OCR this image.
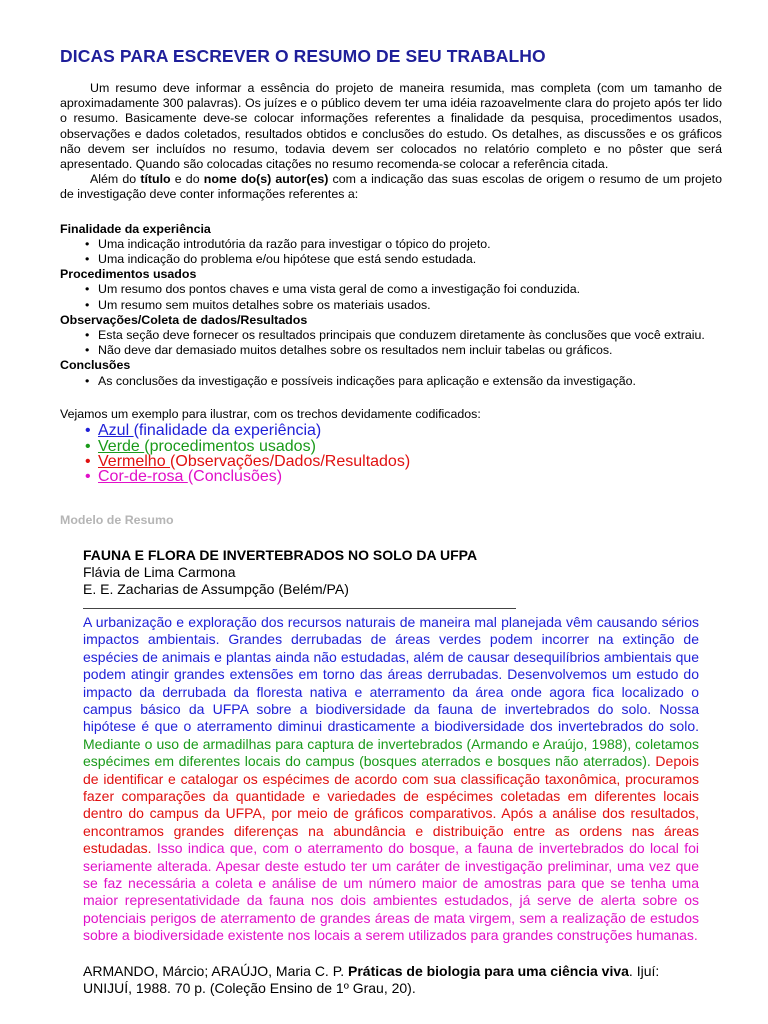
DICAS PARA ESCREVER O RESUMO DE SEU TRABALHO

Um resumo deve informar a essência do projeto de maneira resumida, mas completa (com um tamanho de aproximadamente 300 palavras). Os juízes e o público devem ter uma idéia razoavelmente clara do projeto após ter lido o resumo. Basicamente deve-se colocar informações referentes a finalidade da pesquisa, procedimentos usados, observações e dados coletados, resultados obtidos e conclusões do estudo. Os detalhes, as discussões e os gráficos não devem ser incluídos no resumo, todavia devem ser colocados no relatório completo e no pôster que será apresentado. Quando são colocadas citações no resumo recomenda-se colocar a referência citada.

Além do título e do nome do(s) autor(es) com a indicação das suas escolas de origem o resumo de um projeto de investigação deve conter informações referentes a:

Finalidade da experiência

• Uma indicação introdutória da razão para investigar o tópico do projeto.
• Uma indicação do problema e/ou hipótese que está sendo estudada.

Procedimentos usados

• Um resumo dos pontos chaves e uma vista geral de como a investigação foi conduzida.
• Um resumo sem muitos detalhes sobre os materiais usados.

Observações/Coleta de dados/Resultados

• Esta seção deve fornecer os resultados principais que conduzem diretamente às conclusões que você extraiu.
• Não deve dar demasiado muitos detalhes sobre os resultados nem incluir tabelas ou gráficos.

Conclusões

• As conclusões da investigação e possíveis indicações para aplicação e extensão da investigação.
Vejamos um exemplo para ilustrar, com os trechos devidamente codificados:
• Azul (finalidade da experiência)
• Verde (procedimentos usados)
• Vermelho (Observações/Dados/Resultados)
• Cor-de-rosa (Conclusões)
Modelo de Resumo

FAUNA E FLORA DE INVERTEBRADOS NO SOLO DA UFPA

Flávia de Lima Carmona

E. E. Zacharias de Assumpção (Belém/PA)

A urbanização e exploração dos recursos naturais de maneira mal planejada vêm causando sérios impactos ambientais. Grandes derrubadas de áreas verdes podem incorrer na extinção de espécies de animais e plantas ainda não estudadas, além de causar desequilíbrios ambientais que podem atingir grandes extensões em torno das áreas derrubadas. Desenvolvemos um estudo do impacto da derrubada da floresta nativa e aterramento da área onde agora fica localizado o campus básico da UFPA sobre a biodiversidade da fauna de invertebrados do solo. Nossa hipótese é que o aterramento diminui drasticamente a biodiversidade dos invertebrados do solo. Mediante o uso de armadilhas para captura de invertebrados (Armando e Araújo, 1988), coletamos espécimes em diferentes locais do campus (bosques aterrados e bosques não aterrados). Depois de identificar e catalogar os espécimes de acordo com sua classificação taxonômica, procuramos fazer comparações da quantidade e variedades de espécimes coletadas em diferentes locais dentro do campus da UFPA, por meio de gráficos comparativos. Após a análise dos resultados, encontramos grandes diferenças na abundância e distribuição entre as ordens nas áreas estudadas. Isso indica que, com o aterramento do bosque, a fauna de invertebrados do local foi seriamente alterada. Apesar deste estudo ter um caráter de investigação preliminar, uma vez que se faz necessária a coleta e análise de um número maior de amostras para que se tenha uma maior representatividade da fauna nos dois ambientes estudados, já serve de alerta sobre os potenciais perigos de aterramento de grandes áreas de mata virgem, sem a realização de estudos sobre a biodiversidade existente nos locais a serem utilizados para grandes construções humanas.
ARMANDO, Márcio; ARAÚJO, Maria C. P. Práticas de biologia para uma ciência viva. Ijuí: UNIJUÍ, 1988. 70 p. (Coleção Ensino de 1º Grau, 20).
